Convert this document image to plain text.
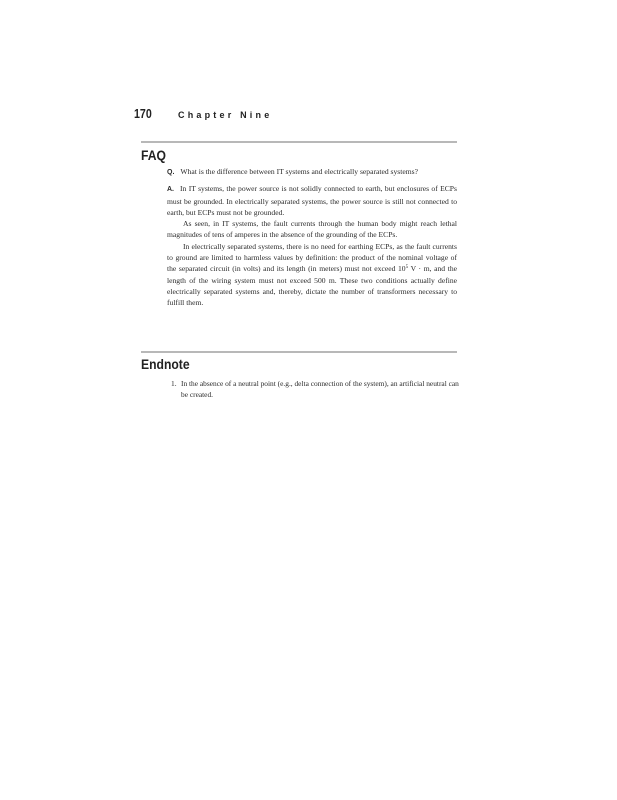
170	Chapter Nine
FAQ

Q. What is the difference between IT systems and electrically separated systems?

A. In IT systems, the power source is not solidly connected to earth, but enclosures of ECPs must be grounded. In electrically separated systems, the power source is still not connected to earth, but ECPs must not be grounded.

As seen, in IT systems, the fault currents through the human body might reach lethal magnitudes of tens of amperes in the absence of the grounding of the ECPs.

In electrically separated systems, there is no need for earthing ECPs, as the fault currents to ground are limited to harmless values by definition: the product of the nominal voltage of the separated circuit (in volts) and its length (in meters) must not exceed $10^5$ V · m, and the length of the wiring system must not exceed 500 m. These two conditions actually define electrically separated systems and, thereby, dictate the number of transformers necessary to fulfill them.

Endnote
1. In the absence of a neutral point (e.g., delta connection of the system), an artificial neutral can be created.
